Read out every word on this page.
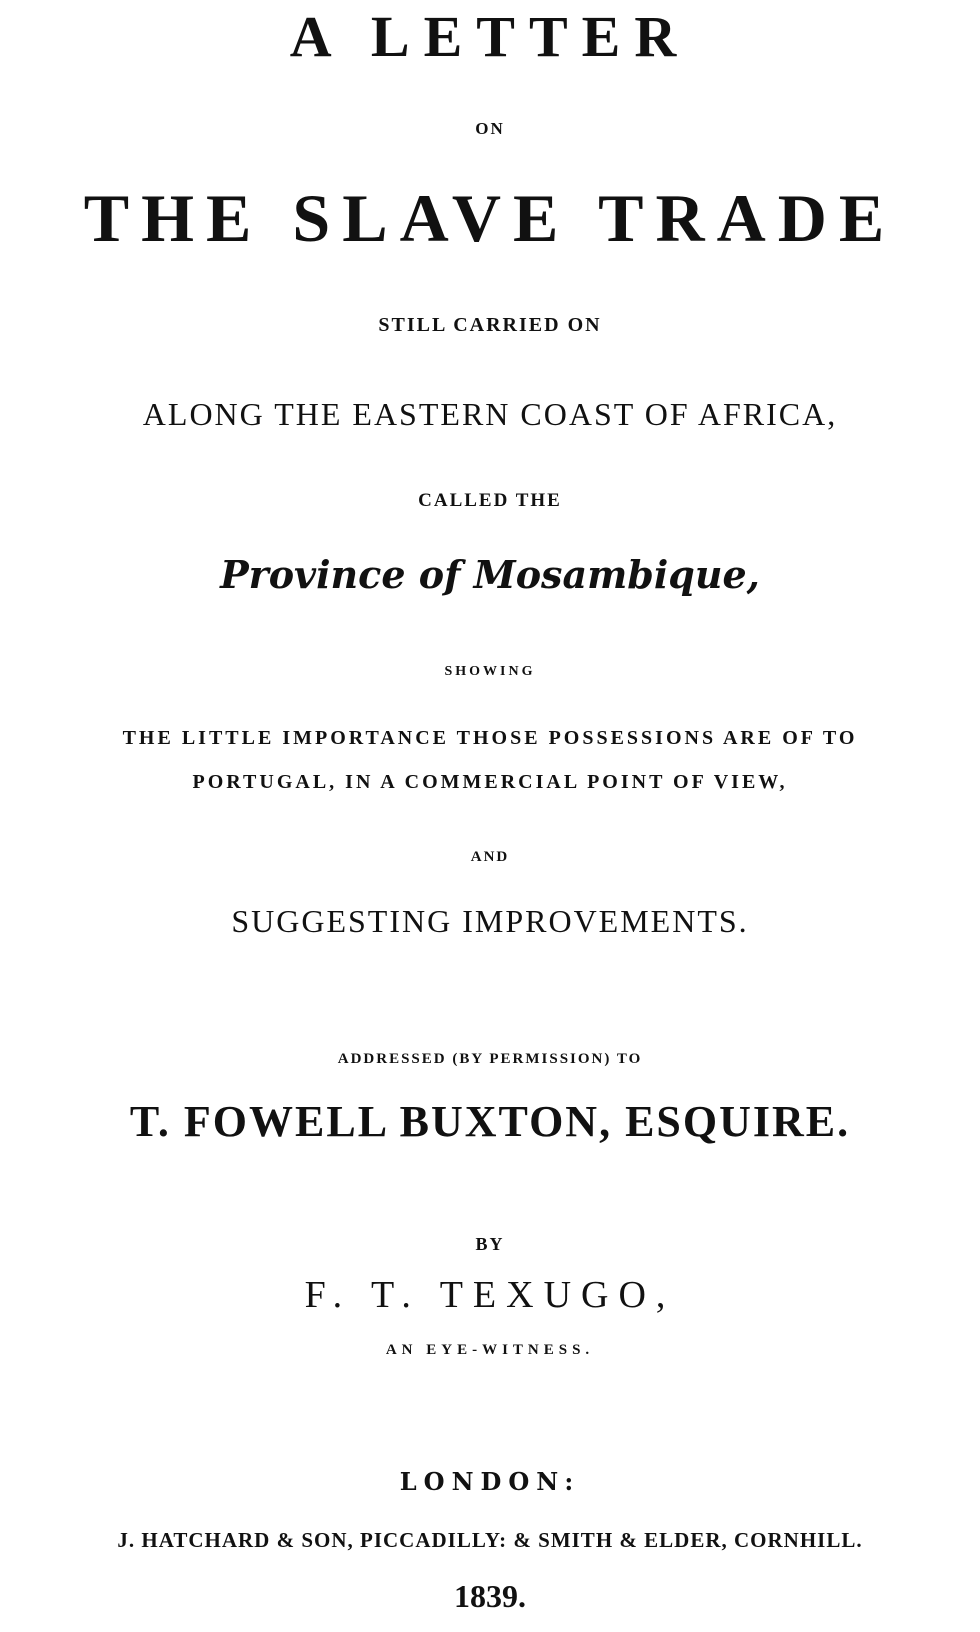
A LETTER
ON
THE SLAVE TRADE
STILL CARRIED ON
ALONG THE EASTERN COAST OF AFRICA,
CALLED THE
Province of Mosambique,
SHOWING
THE LITTLE IMPORTANCE THOSE POSSESSIONS ARE OF TO
PORTUGAL, IN A COMMERCIAL POINT OF VIEW,
AND
SUGGESTING IMPROVEMENTS.
ADDRESSED (BY PERMISSION) TO
T. FOWELL BUXTON, ESQUIRE.
BY
F. T. TEXUGO,
AN EYE-WITNESS.
LONDON:
J. HATCHARD & SON, PICCADILLY: & SMITH & ELDER, CORNHILL.
1839.
